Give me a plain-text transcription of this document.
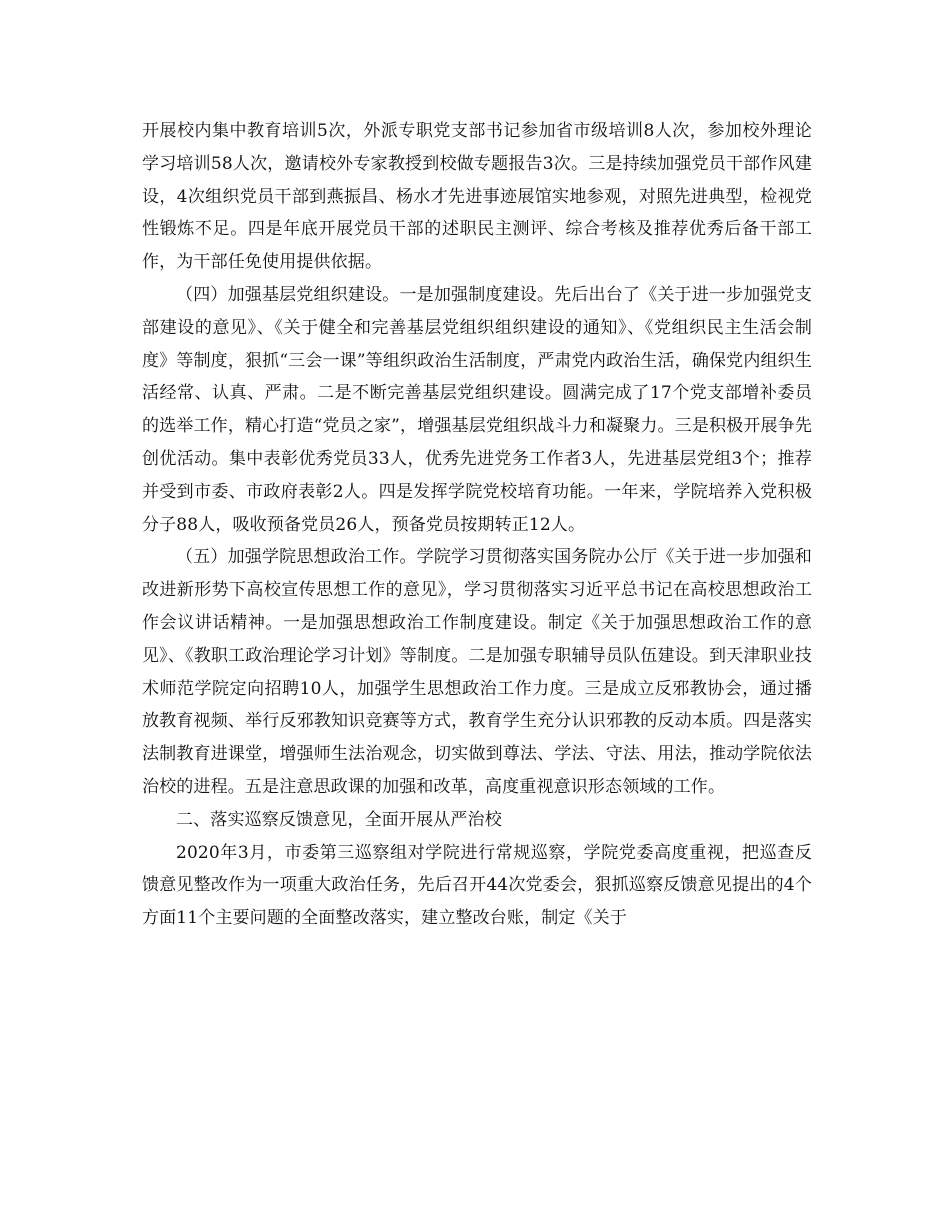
开展校内集中教育培训5次，外派专职党支部书记参加省市级培训8人次，参加校外理论学习培训58人次，邀请校外专家教授到校做专题报告3次。三是持续加强党员干部作风建设，4次组织党员干部到燕振昌、杨水才先进事迹展馆实地参观，对照先进典型，检视党性锻炼不足。四是年底开展党员干部的述职民主测评、综合考核及推荐优秀后备干部工作，为干部任免使用提供依据。

（四）加强基层党组织建设。一是加强制度建设。先后出台了《关于进一步加强党支部建设的意见》、《关于健全和完善基层党组织组织建设的通知》、《党组织民主生活会制度》等制度，狠抓“三会一课”等组织政治生活制度，严肃党内政治生活，确保党内组织生活经常、认真、严肃。二是不断完善基层党组织建设。圆满完成了17个党支部增补委员的选举工作，精心打造“党员之家”，增强基层党组织战斗力和凝聚力。三是积极开展争先创优活动。集中表彰优秀党员33人，优秀先进党务工作者3人，先进基层党组3个；推荐并受到市委、市政府表彰2人。四是发挥学院党校培育功能。一年来，学院培养入党积极分子88人，吸收预备党员26人，预备党员按期转正12人。

（五）加强学院思想政治工作。学院学习贯彻落实国务院办公厅《关于进一步加强和改进新形势下高校宣传思想工作的意见》，学习贯彻落实习近平总书记在高校思想政治工作会议讲话精神。一是加强思想政治工作制度建设。制定《关于加强思想政治工作的意见》、《教职工政治理论学习计划》等制度。二是加强专职辅导员队伍建设。到天津职业技术师范学院定向招聘10人，加强学生思想政治工作力度。三是成立反邪教协会，通过播放教育视频、举行反邪教知识竞赛等方式，教育学生充分认识邪教的反动本质。四是落实法制教育进课堂，增强师生法治观念，切实做到尊法、学法、守法、用法，推动学院依法治校的进程。五是注意思政课的加强和改革，高度重视意识形态领域的工作。

二、落实巡察反馈意见，全面开展从严治校

2020年3月，市委第三巡察组对学院进行常规巡察，学院党委高度重视，把巡查反馈意见整改作为一项重大政治任务，先后召开44次党委会，狠抓巡察反馈意见提出的4个方面11个主要问题的全面整改落实，建立整改台账，制定《关于
